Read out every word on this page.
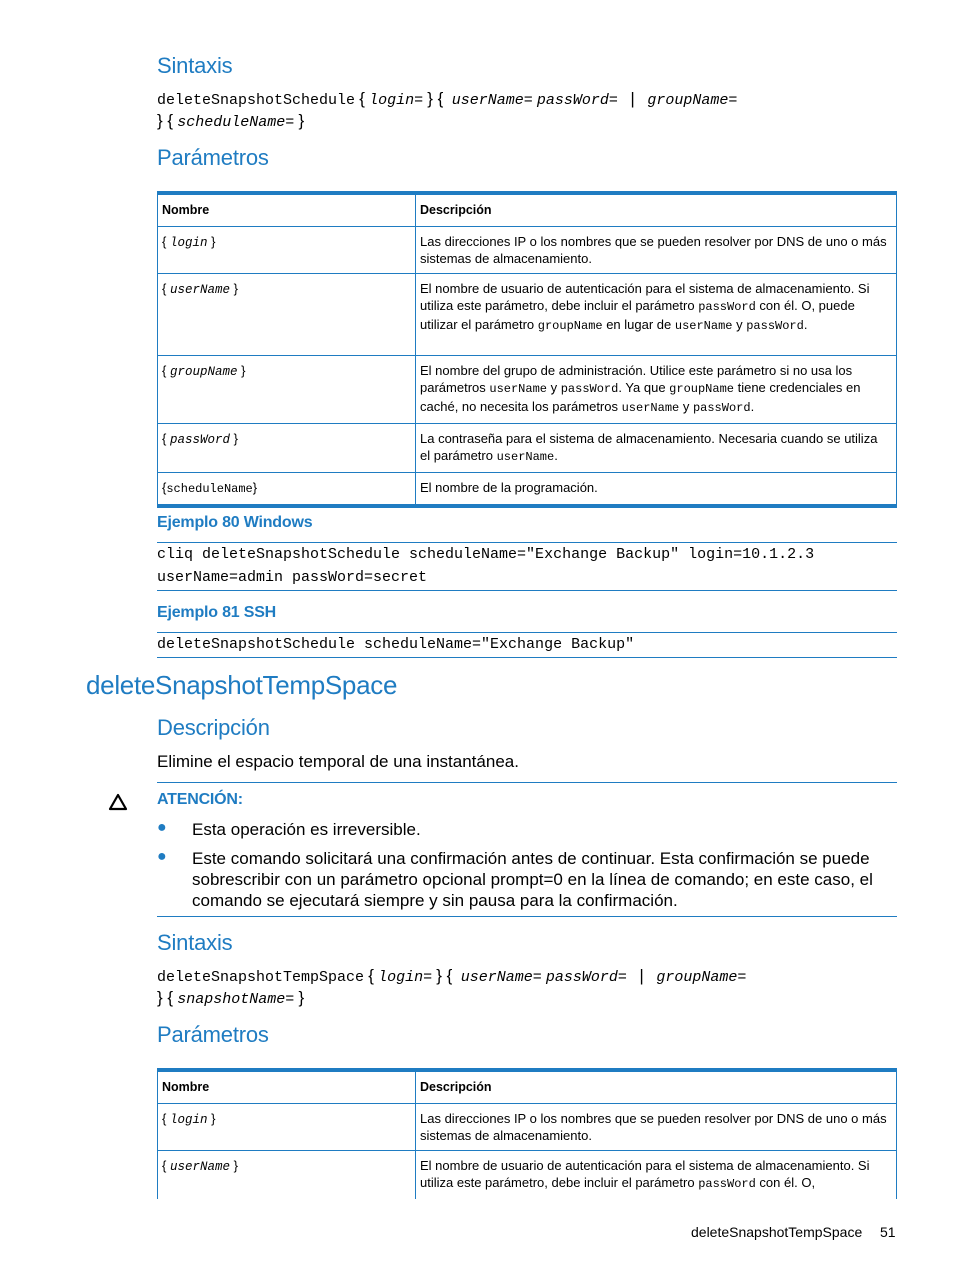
Sintaxis
deleteSnapshotSchedule { login= } { userName= passWord= | groupName=
} { scheduleName= }
Parámetros
Nombre	Descripción
{ login }	Las direcciones IP o los nombres que se pueden resolver por DNS de uno o más sistemas de almacenamiento.
{ userName }	El nombre de usuario de autenticación para el sistema de almacenamiento. Si utiliza este parámetro, debe incluir el parámetro passWord con él. O, puede utilizar el parámetro groupName en lugar de userName y passWord.
{ groupName }	El nombre del grupo de administración. Utilice este parámetro si no usa los parámetros userName y passWord. Ya que groupName tiene credenciales en caché, no necesita los parámetros userName y passWord.
{ passWord }	La contraseña para el sistema de almacenamiento. Necesaria cuando se utiliza el parámetro userName.
{scheduleName}	El nombre de la programación.
Ejemplo 80 Windows
cliq deleteSnapshotSchedule scheduleName="Exchange Backup" login=10.1.2.3
userName=admin passWord=secret
Ejemplo 81 SSH
deleteSnapshotSchedule scheduleName="Exchange Backup"
deleteSnapshotTempSpace
Descripción
Elimine el espacio temporal de una instantánea.
ATENCIÓN:
● Esta operación es irreversible.
● Este comando solicitará una confirmación antes de continuar. Esta confirmación se puede sobrescribir con un parámetro opcional prompt=0 en la línea de comando; en este caso, el comando se ejecutará siempre y sin pausa para la confirmación.
Sintaxis
deleteSnapshotTempSpace { login= } { userName= passWord= | groupName=
} { snapshotName= }
Parámetros
Nombre	Descripción
{ login }	Las direcciones IP o los nombres que se pueden resolver por DNS de uno o más sistemas de almacenamiento.
{ userName }	El nombre de usuario de autenticación para el sistema de almacenamiento. Si utiliza este parámetro, debe incluir el parámetro passWord con él. O,
deleteSnapshotTempSpace 51
